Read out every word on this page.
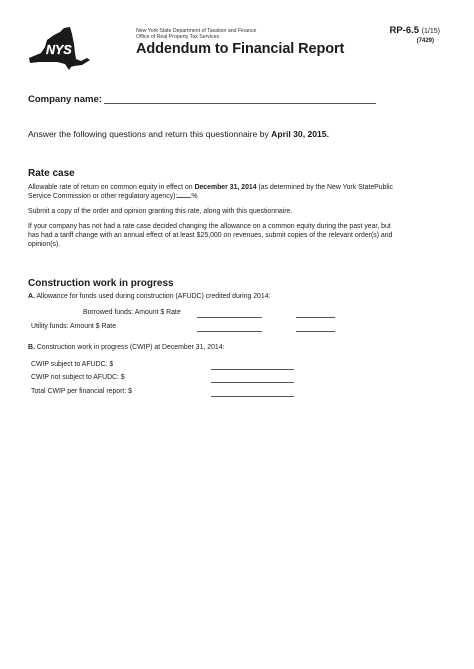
NYS
New York State Department of Taxation and Finance
Office of Real Property Tax Services
Addendum to Financial Report
RP-6.5 (1/15)
(7429)
Company name:
Answer the following questions and return this questionnaire by April 30, 2015.
Rate case
Allowable rate of return on common equity in effect on December 31, 2014 (as determined by the New York StatePublic
Service Commission or other regulatory agency): %
Submit a copy of the order and opinion granting this rate, along with this questionnaire.
If your company has not had a rate case decided changing the allowance on a common equity during the past year, but
has had a tariff change with an annual effect of at least $25,000 on revenues, submit copies of the relevant order(s) and
opinion(s).
Construction work in progress
A. Allowance for funds used during construction (AFUDC) credited during 2014:
Borrowed funds: Amount $ Rate
Utility funds: Amount $ Rate
B. Construction work in progress (CWIP) at December 31, 2014:
CWIP subject to AFUDC: $
CWIP not subject to AFUDC: $
Total CWIP per financial report: $
